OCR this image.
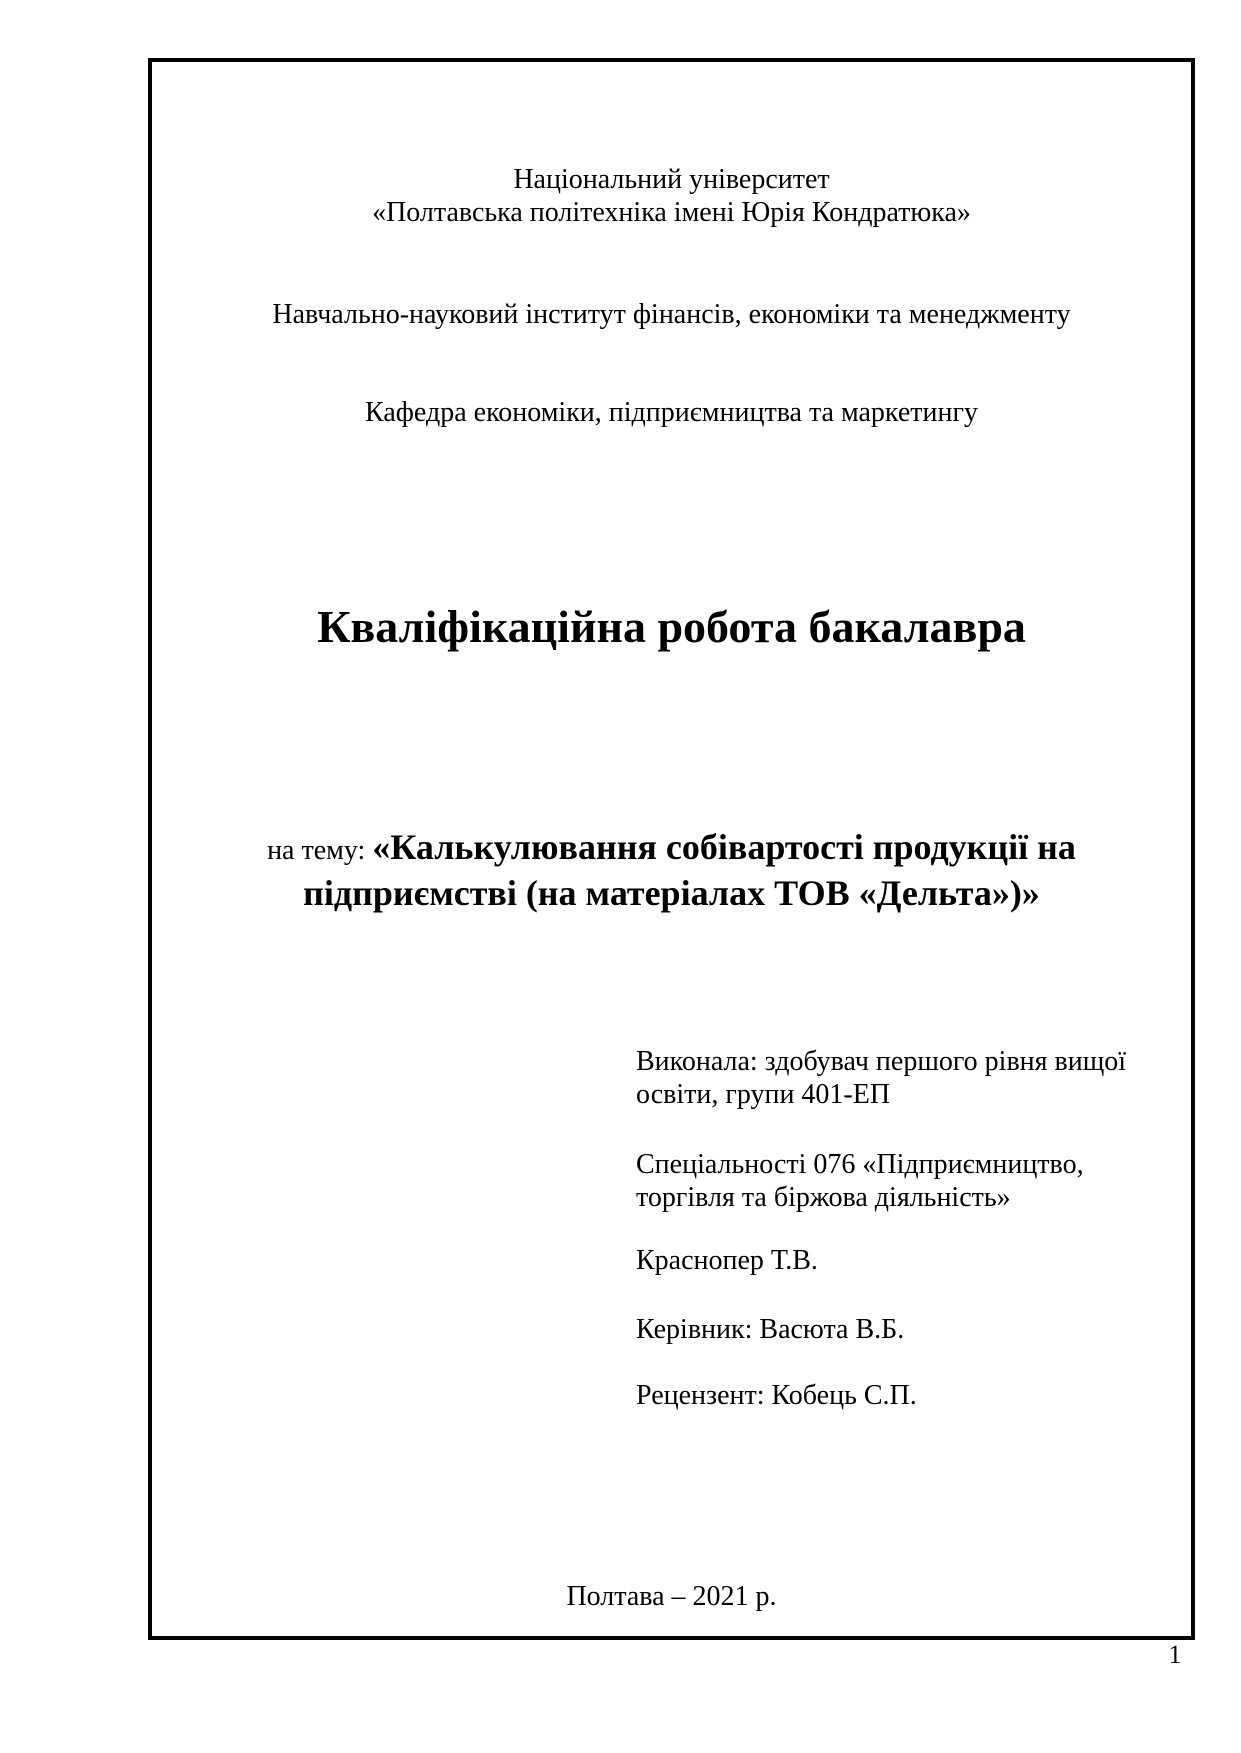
Національний університет
«Полтавська політехніка імені Юрія Кондратюка»
Навчально-науковий інститут фінансів, економіки та менеджменту
Кафедра економіки, підприємництва та маркетингу
Кваліфікаційна робота бакалавра
на тему: «Калькулювання собівартості продукції на
підприємстві (на матеріалах ТОВ «Дельта»)»
Виконала: здобувач першого рівня вищої
освіти, групи 401-ЕП
Спеціальності 076 «Підприємництво,
торгівля та біржова діяльність»
Краснопер Т.В.
Керівник: Васюта В.Б.
Рецензент: Кобець С.П.
Полтава – 2021 р.
1
